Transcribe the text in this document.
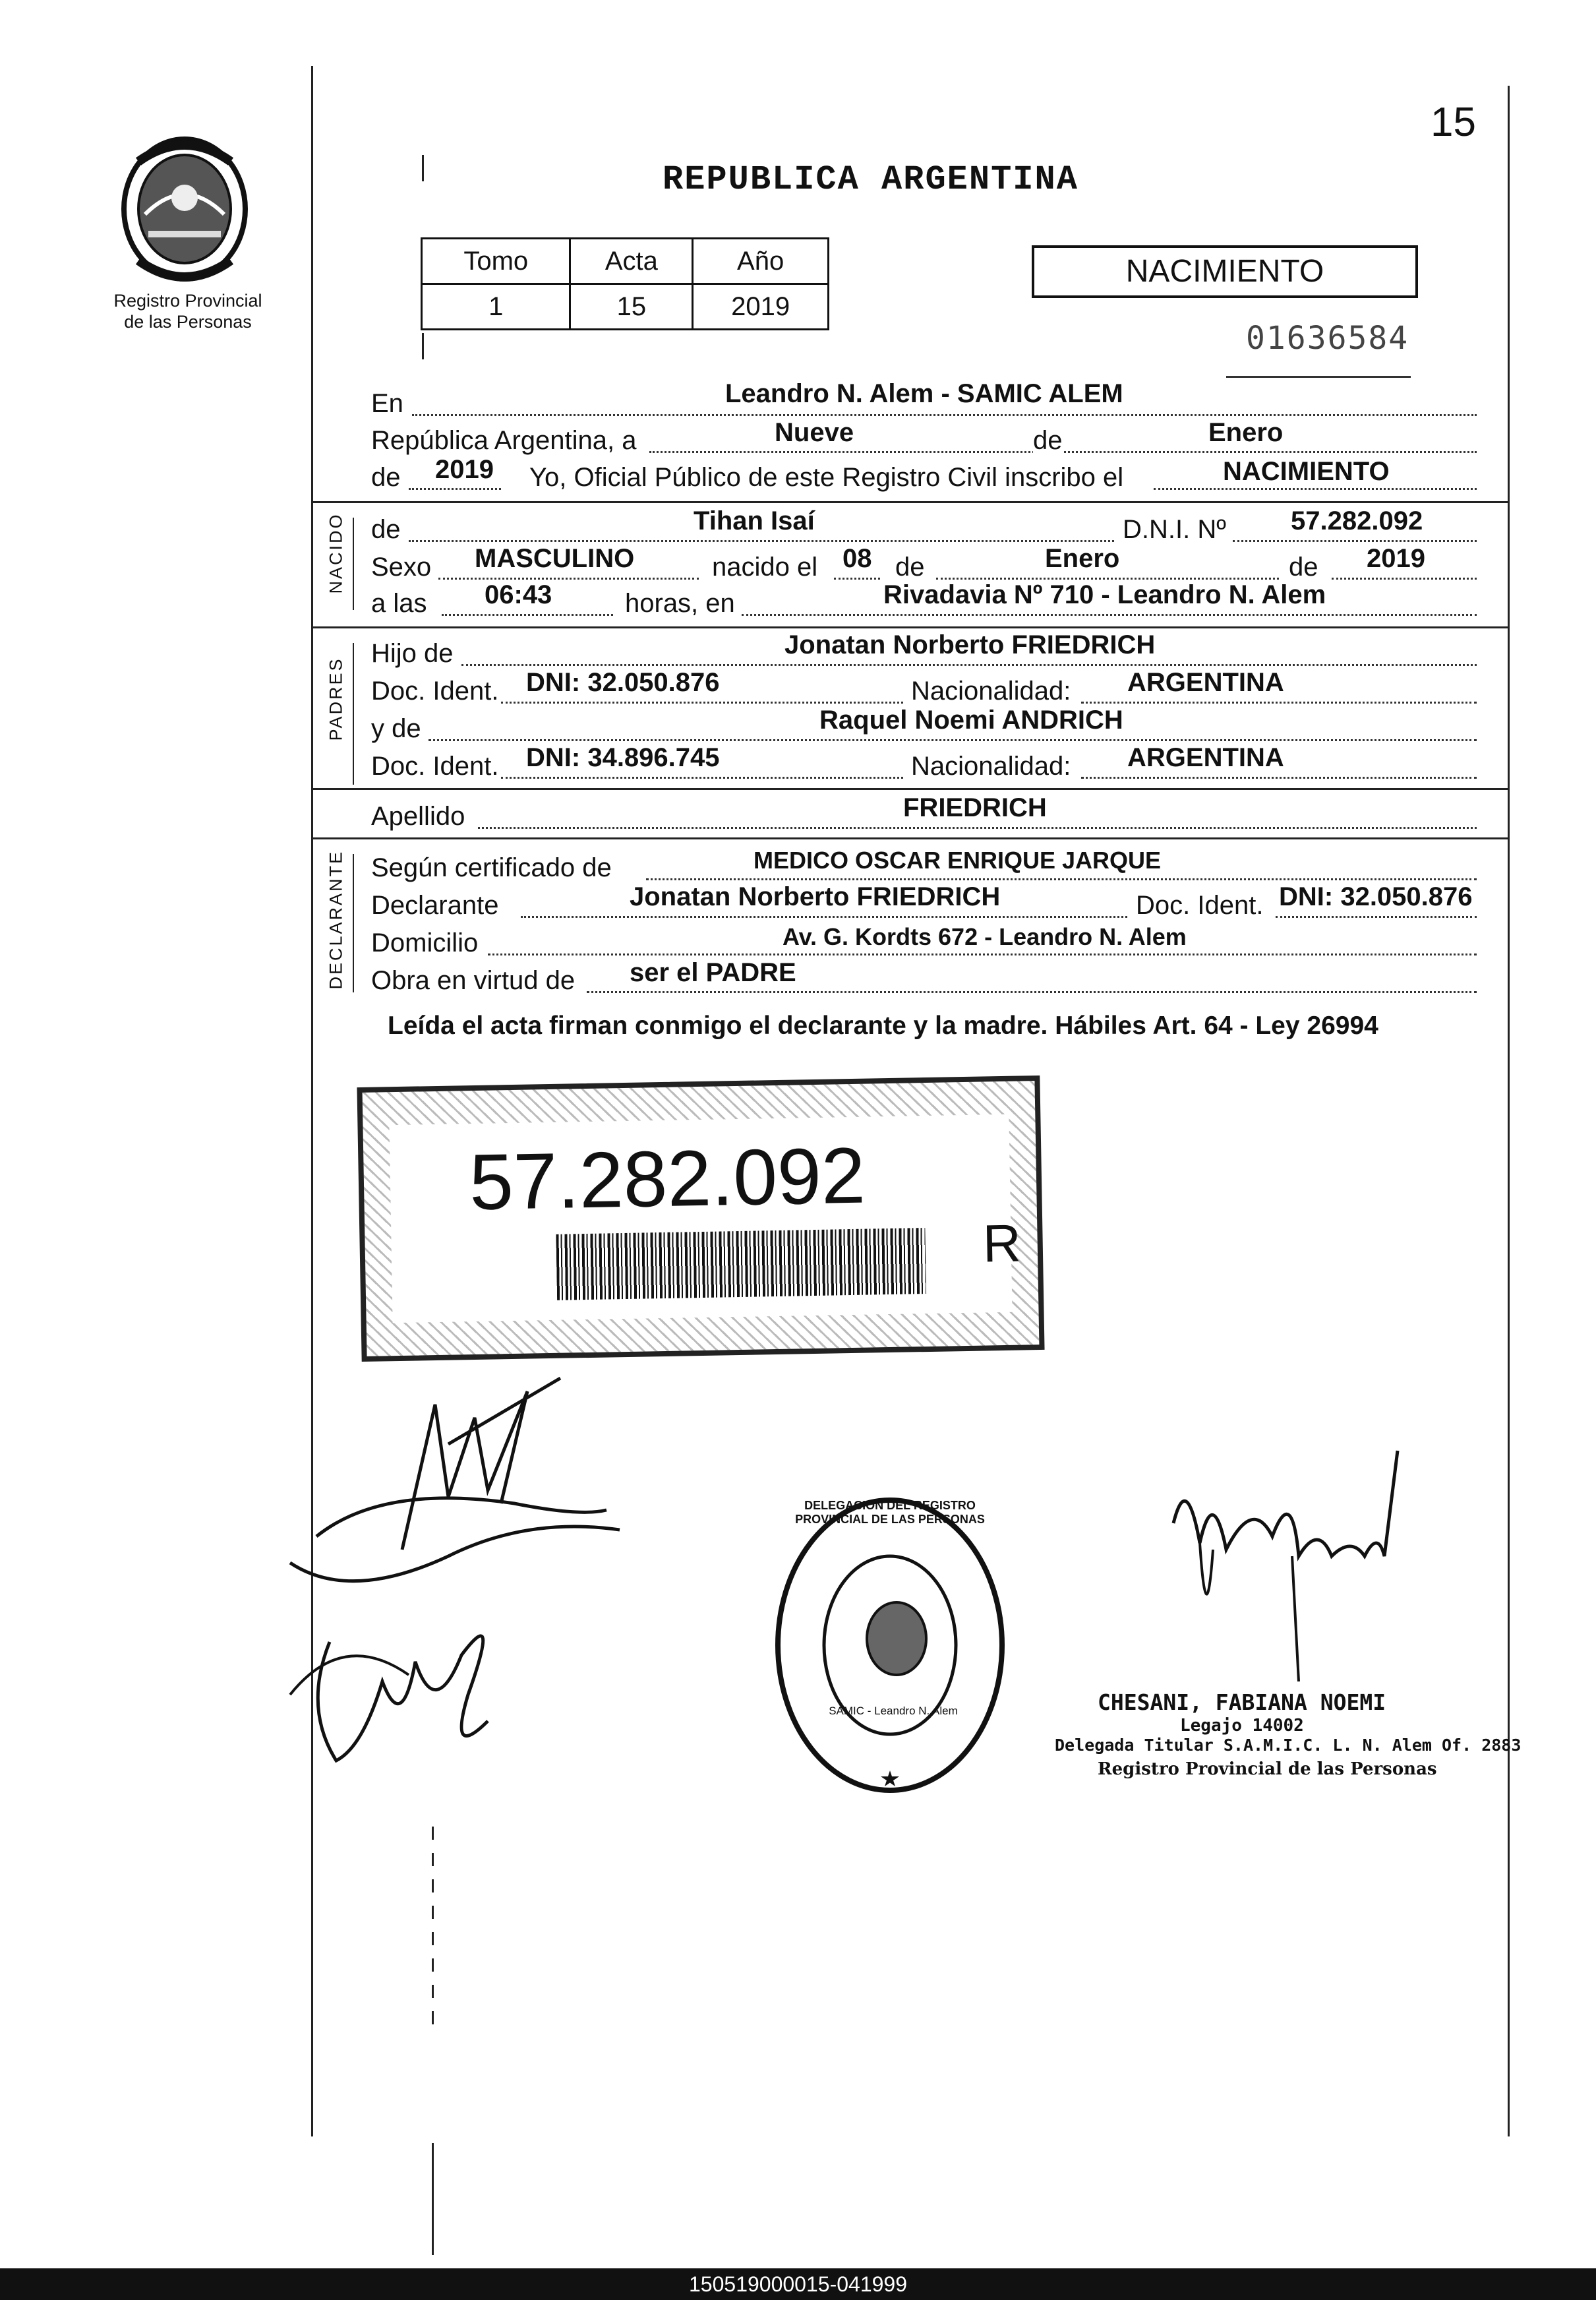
15
Registro Provincial de las Personas
REPUBLICA ARGENTINA
Tomo	Acta	Año
1	15	2019
NACIMIENTO
01636584
En	Leandro N. Alem - SAMIC ALEM
República Argentina, a	Nueve	de	Enero
de 2019 Yo, Oficial Público de este Registro Civil inscribo el	NACIMIENTO
NACIDO de	Tihan Isaí	D.N.I. Nº 57.282.092
Sexo MASCULINO	nacido el 08 de	Enero	de 2019
a las 06:43	horas, en	Rivadavia Nº 710 - Leandro N. Alem
PADRES
Hijo de	Jonatan Norberto FRIEDRICH
Doc. Ident. DNI: 32.050.876	Nacionalidad: ARGENTINA
y de	Raquel Noemi ANDRICH
Doc. Ident. DNI: 34.896.745	Nacionalidad: ARGENTINA
Apellido	FRIEDRICH
DECLARANTE Según certificado de	MEDICO OSCAR ENRIQUE JARQUE
Declarante	Jonatan Norberto FRIEDRICH	Doc. Ident. DNI: 32.050.876
Domicilio	Av. G. Kordts 672 - Leandro N. Alem
Obra en virtud de ser el PADRE
Leída el acta firman conmigo el declarante y la madre. Hábiles Art. 64 - Ley 26994
57.282.092
R
DELEGACION DEL REGISTRO PROVINCIAL DE LAS PERSONAS
SAMIC - Leandro N. Alem	CHESANI, FABIANA NOEMI
Legajo 14002
Delegada Titular S.A.M.I.C. L. N. Alem Of. 2883
Registro Provincial de las Personas
150519000015-041999
